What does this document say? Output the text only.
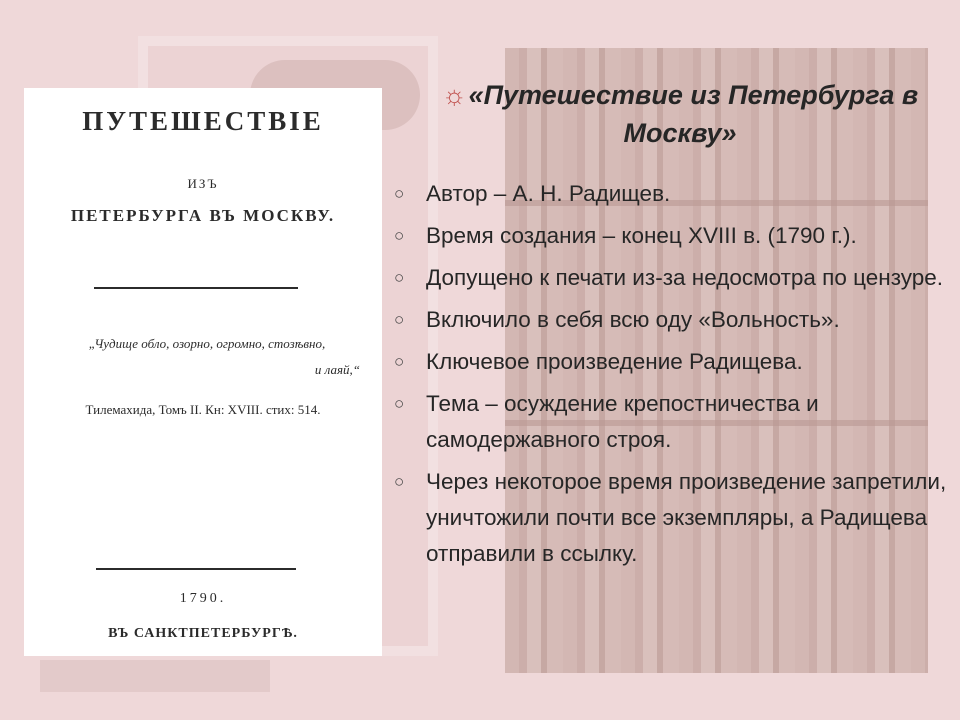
ПУТЕШЕСТВIЕ
ИЗЪ
ПЕТЕРБУРГА ВЪ МОСКВУ.
„Чудище обло, озорно, огромно, стозѣвно,
и лаяй,“
Тилемахида, Томъ II. Кн: XVIII. стих: 514.
1790.
ВЪ САНКТПЕТЕРБУРГѢ.
☼«Путешествие из Петербурга в Москву»
○ Автор – А. Н. Радищев.
○ Время создания – конец XVIII в. (1790 г.).
○ Допущено к печати из-за недосмотра по цензуре.
○ Включило в себя всю оду «Вольность».
○ Ключевое произведение Радищева.
○ Тема – осуждение крепостничества и самодержавного строя.
○ Через некоторое время произведение запретили, уничтожили почти все экземпляры, а Радищева отправили в ссылку.
